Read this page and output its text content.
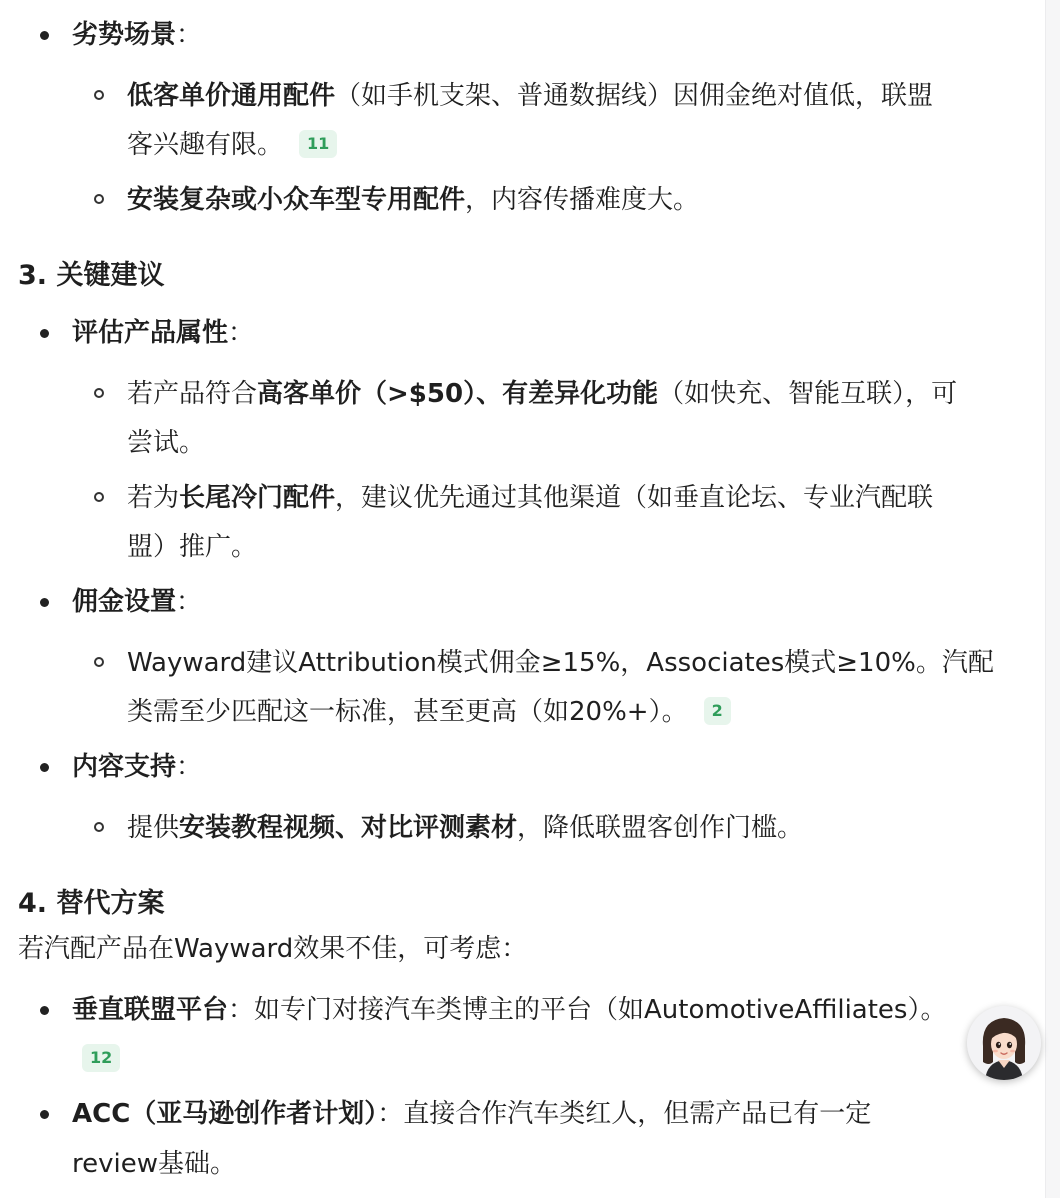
劣势场景：
低客单价通用配件（如手机支架、普通数据线）因佣金绝对值低，联盟
客兴趣有限。 11
安装复杂或小众车型专用配件，内容传播难度大。
3. 关键建议
评估产品属性：
若产品符合高客单价（>$50）、有差异化功能（如快充、智能互联），可
尝试。
若为长尾冷门配件，建议优先通过其他渠道（如垂直论坛、专业汽配联
盟）推广。
佣金设置：
Wayward建议Attribution模式佣金≥15%，Associates模式≥10%。汽配
类需至少匹配这一标准，甚至更高（如20%+）。 2
内容支持：
提供安装教程视频、对比评测素材，降低联盟客创作门槛。
4. 替代方案
若汽配产品在Wayward效果不佳，可考虑：
垂直联盟平台：如专门对接汽车类博主的平台（如AutomotiveAffiliates）。
12
ACC（亚马逊创作者计划）：直接合作汽车类红人，但需产品已有一定
review基础。
